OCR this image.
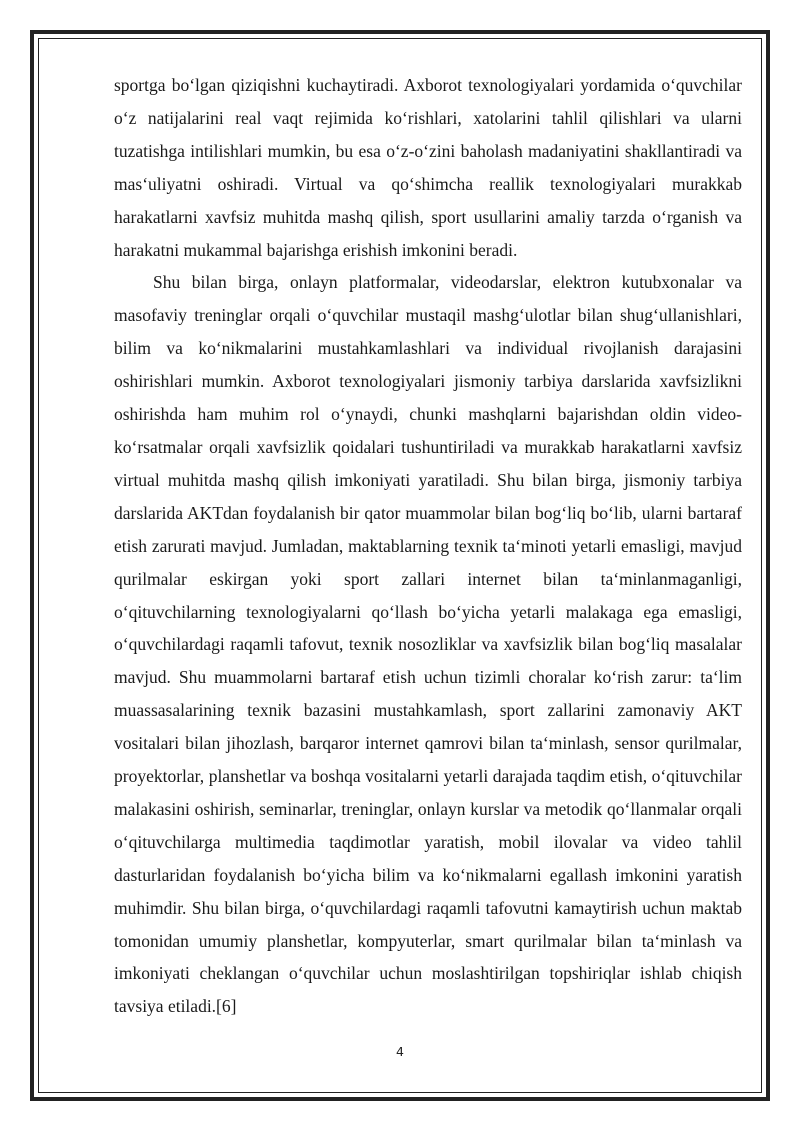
sportga bo‘lgan qiziqishni kuchaytiradi. Axborot texnologiyalari yordamida o‘quvchilar o‘z natijalarini real vaqt rejimida ko‘rishlari, xatolarini tahlil qilishlari va ularni tuzatishga intilishlari mumkin, bu esa o‘z-o‘zini baholash madaniyatini shakllantiradi va mas‘uliyatni oshiradi. Virtual va qo‘shimcha reallik texnologiyalari murakkab harakatlarni xavfsiz muhitda mashq qilish, sport usullarini amaliy tarzda o‘rganish va harakatni mukammal bajarishga erishish imkonini beradi.

Shu bilan birga, onlayn platformalar, videodarslar, elektron kutubxonalar va masofaviy treninglar orqali o‘quvchilar mustaqil mashg‘ulotlar bilan shug‘ullanishlari, bilim va ko‘nikmalarini mustahkamlashlari va individual rivojlanish darajasini oshirishlari mumkin. Axborot texnologiyalari jismoniy tarbiya darslarida xavfsizlikni oshirishda ham muhim rol o‘ynaydi, chunki mashqlarni bajarishdan oldin video-ko‘rsatmalar orqali xavfsizlik qoidalari tushuntiriladi va murakkab harakatlarni xavfsiz virtual muhitda mashq qilish imkoniyati yaratiladi. Shu bilan birga, jismoniy tarbiya darslarida AKTdan foydalanish bir qator muammolar bilan bog‘liq bo‘lib, ularni bartaraf etish zarurati mavjud. Jumladan, maktablarning texnik ta‘minoti yetarli emasligi, mavjud qurilmalar eskirgan yoki sport zallari internet bilan ta‘minlanmaganligi, o‘qituvchilarning texnologiyalarni qo‘llash bo‘yicha yetarli malakaga ega emasligi, o‘quvchilardagi raqamli tafovut, texnik nosozliklar va xavfsizlik bilan bog‘liq masalalar mavjud. Shu muammolarni bartaraf etish uchun tizimli choralar ko‘rish zarur: ta‘lim muassasalarining texnik bazasini mustahkamlash, sport zallarini zamonaviy AKT vositalari bilan jihozlash, barqaror internet qamrovi bilan ta‘minlash, sensor qurilmalar, proyektorlar, planshetlar va boshqa vositalarni yetarli darajada taqdim etish, o‘qituvchilar malakasini oshirish, seminarlar, treninglar, onlayn kurslar va metodik qo‘llanmalar orqali o‘qituvchilarga multimedia taqdimotlar yaratish, mobil ilovalar va video tahlil dasturlaridan foydalanish bo‘yicha bilim va ko‘nikmalarni egallash imkonini yaratish muhimdir. Shu bilan birga, o‘quvchilardagi raqamli tafovutni kamaytirish uchun maktab tomonidan umumiy planshetlar, kompyuterlar, smart qurilmalar bilan ta‘minlash va imkoniyati cheklangan o‘quvchilar uchun moslashtirilgan topshiriqlar ishlab chiqish tavsiya etiladi.[6]

4
